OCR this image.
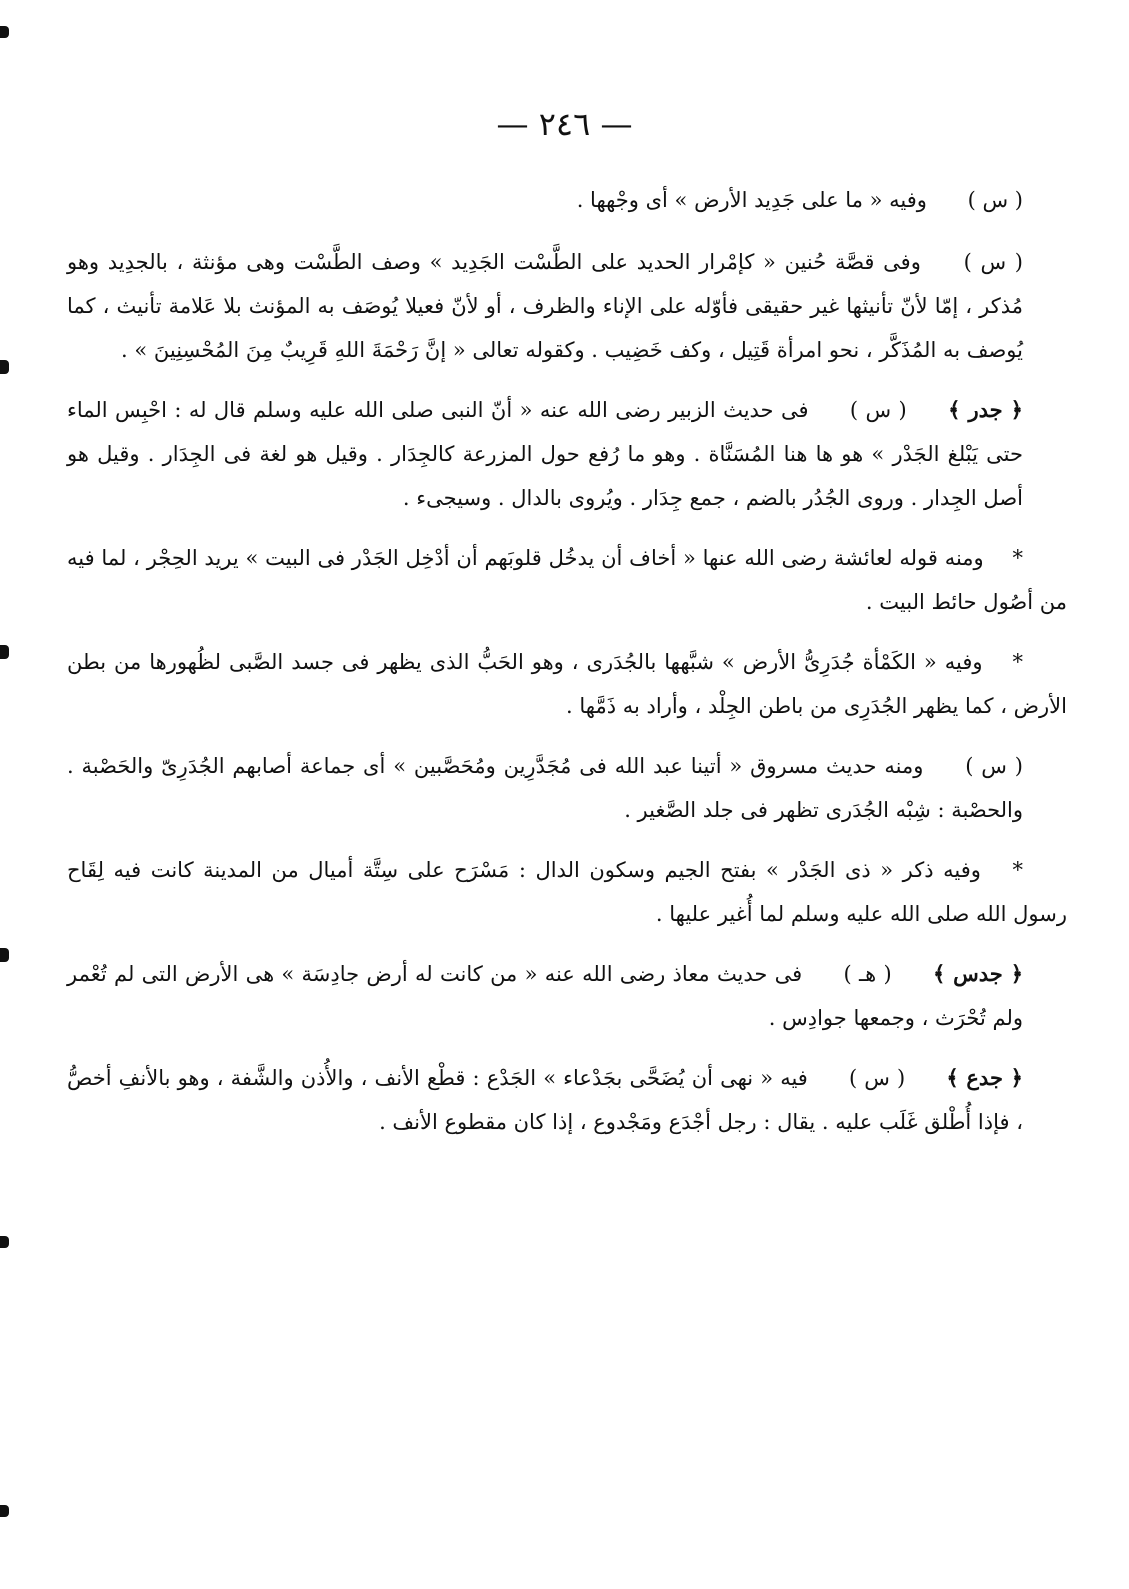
— ٢٤٦ —

( س ) وفيه « ما على جَدِيد الأرض » أى وجْهها .

( س ) وفى قصَّة حُنين « كإمْرار الحديد على الطَّسْت الجَدِيد » وصف الطَّسْت وهى مؤنثة ، بالجدِيد وهو مُذكر ، إمّا لأنّ تأنيثها غير حقيقى فأوّله على الإناء والظرف ، أو لأنّ فعيلا يُوصَف به المؤنث بلا عَلامة تأنيث ، كما يُوصف به المُذَكَّر ، نحو امرأة قَتِيل ، وكف خَضِيب . وكقوله تعالى « إنَّ رَحْمَةَ اللهِ قَرِيبٌ مِنَ المُحْسِنِينَ » .

﴿ جدر ﴾ ( س ) فى حديث الزبير رضى الله عنه « أنّ النبى صلى الله عليه وسلم قال له : احْبِس الماء حتى يَبْلغ الجَدْر » هو ها هنا المُسَنَّاة . وهو ما رُفع حول المزرعة كالجِدَار . وقيل هو لغة فى الجِدَار . وقيل هو أصل الجِدار . وروى الجُدُر بالضم ، جمع جِدَار . ويُروى بالدال . وسيجىء .

* ومنه قوله لعائشة رضى الله عنها « أخاف أن يدخُل قلوبَهم أن أدْخِل الجَدْر فى البيت » يريد الحِجْر ، لما فيه من أصُول حائط البيت .

* وفيه « الكَمْأة جُدَرِىُّ الأرض » شبَّهها بالجُدَرى ، وهو الحَبُّ الذى يظهر فى جسد الصَّبى لظُهورها من بطن الأرض ، كما يظهر الجُدَرِى من باطن الجِلْد ، وأراد به ذَمَّها .

( س ) ومنه حديث مسروق « أتينا عبد الله فى مُجَدَّرِين ومُحَصَّبين » أى جماعة أصابهم الجُدَرِىّ والحَصْبة . والحصْبة : شِبْه الجُدَرى تظهر فى جلد الصَّغير .

* وفيه ذكر « ذى الجَدْر » بفتح الجيم وسكون الدال : مَسْرَح على سِتَّة أميال من المدينة كانت فيه لِقَاح رسول الله صلى الله عليه وسلم لما أُغير عليها .

﴿ جدس ﴾ ( هـ ) فى حديث معاذ رضى الله عنه « من كانت له أرض جادِسَة » هى الأرض التى لم تُعْمر ولم تُحْرَث ، وجمعها جوادِس .

﴿ جدع ﴾ ( س ) فيه « نهى أن يُضَحَّى بجَدْعاء » الجَدْع : قطْع الأنف ، والأُذن والشَّفة ، وهو بالأنفِ أخصُّ ، فإذا أُطْلق غَلَب عليه . يقال : رجل أجْدَع ومَجْدوع ، إذا كان مقطوع الأنف .
